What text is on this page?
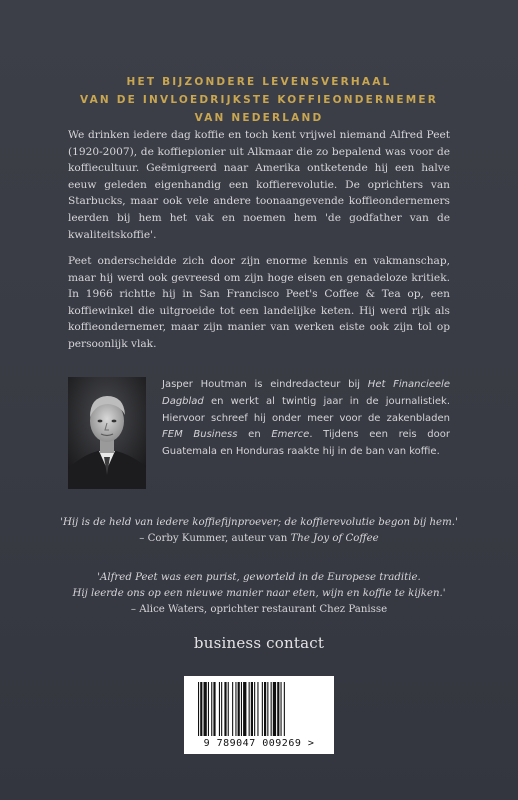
HET BIJZONDERE LEVENSVERHAAL
VAN DE INVLOEDRIJKSTE KOFFIEONDERNEMER
VAN NEDERLAND
We drinken iedere dag koffie en toch kent vrijwel niemand Alfred Peet (1920-2007), de koffiepionier uit Alkmaar die zo bepalend was voor de koffiecultuur. Geëmigreerd naar Amerika ontketende hij een halve eeuw geleden eigenhandig een koffierevolutie. De oprichters van Starbucks, maar ook vele andere toonaangevende koffieondernemers leerden bij hem het vak en noemen hem 'de godfather van de kwaliteitskoffie'.
Peet onderscheidde zich door zijn enorme kennis en vakmanschap, maar hij werd ook gevreesd om zijn hoge eisen en genadeloze kritiek. In 1966 richtte hij in San Francisco Peet's Coffee & Tea op, een koffiewinkel die uitgroeide tot een landelijke keten. Hij werd rijk als koffieondernemer, maar zijn manier van werken eiste ook zijn tol op persoonlijk vlak.
Jasper Houtman is eindredacteur bij Het Financieele Dagblad en werkt al twintig jaar in de journalistiek. Hiervoor schreef hij onder meer voor de zakenbladen FEM Business en Emerce. Tijdens een reis door Guatemala en Honduras raakte hij in de ban van koffie.
'Hij is de held van iedere koffiefijnproever; de koffierevolutie begon bij hem.'
– Corby Kummer, auteur van The Joy of Coffee
'Alfred Peet was een purist, geworteld in de Europese traditie.
Hij leerde ons op een nieuwe manier naar eten, wijn en koffie te kijken.'
– Alice Waters, oprichter restaurant Chez Panisse
business contact
9 789047 009269 >
